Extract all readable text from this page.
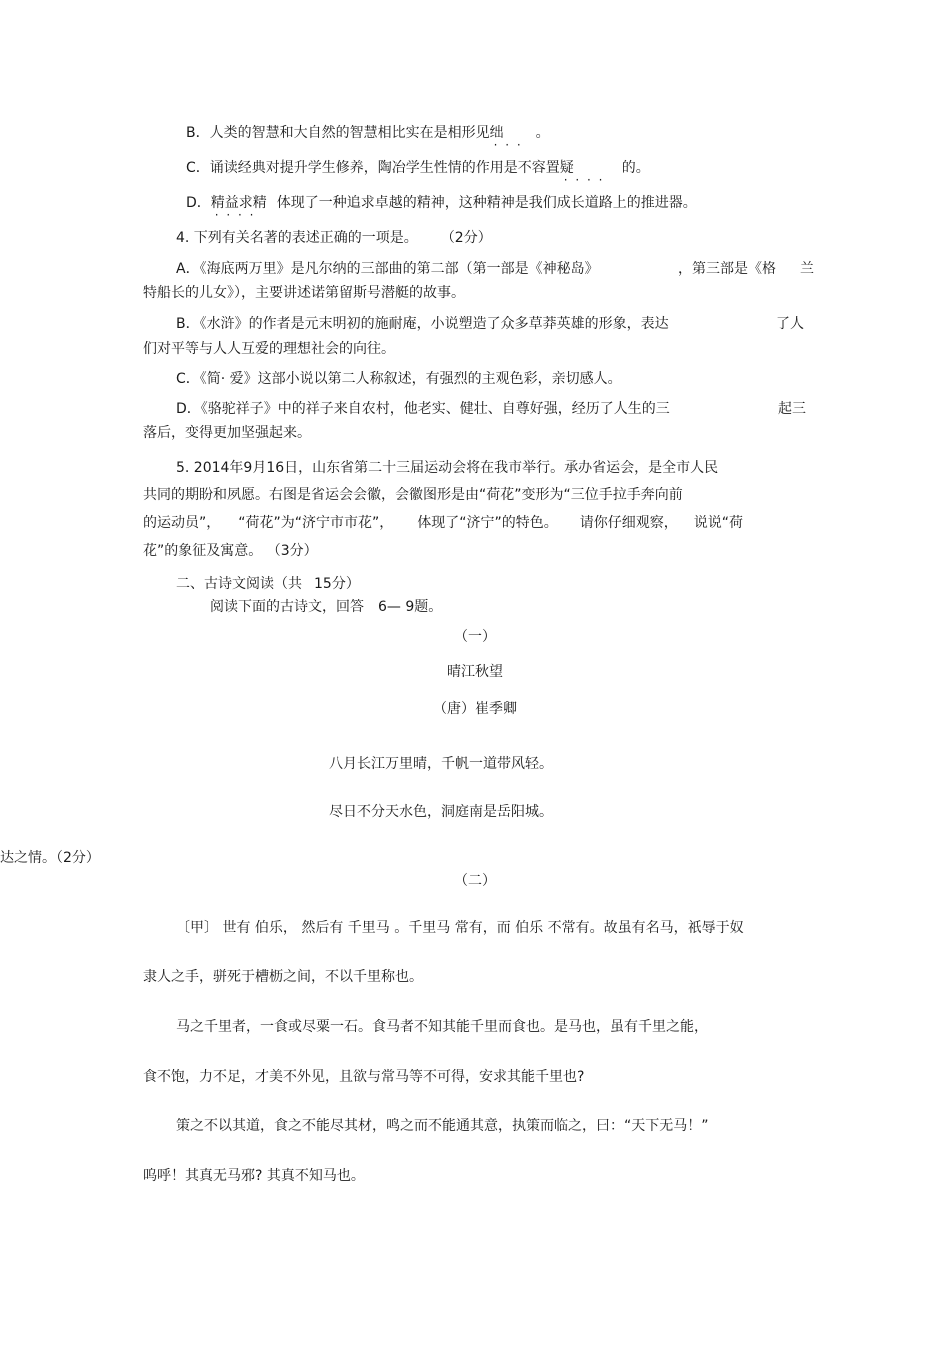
B．人类的智慧和大自然的智慧相比实在是相形见绌 · · · 。
C．诵读经典对提升学生修养，陶冶学生性情的作用是不容置疑 · · · ·	的。
D．精益求精 · · · · 体现了一种追求卓越的精神，这种精神是我们成长道路上的推进器。
4. 下列有关名著的表述正确的一项是。 （2分）
A．《海底两万里》是凡尔纳的三部曲的第二部（第一部是《神秘岛》	，第三部是《格 兰
特船长的儿女》），主要讲述诺第留斯号潜艇的故事。
B．《水浒》的作者是元末明初的施耐庵，小说塑造了众多草莽英雄的形象，表达	了人
们对平等与人人互爱的理想社会的向往。
C．《简· 爱》这部小说以第二人称叙述，有强烈的主观色彩，亲切感人。
D．《骆驼祥子》中的祥子来自农村，他老实、健壮、自尊好强，经历了人生的三	起三
落后，变得更加坚强起来。
5. 2014年9月16日，山东省第二十三届运动会将在我市举行。承办省运会，是全市人民
共同的期盼和夙愿。右图是省运会会徽，会徽图形是由“荷花”变形为“三位手拉手奔向前
的运动员”， “荷花”为“济宁市市花”， 体现了“济宁”的特色。 请你仔细观察， 说说“荷
花”的象征及寓意。 （3分）
二、古诗文阅读（共 15分）
阅读下面的古诗文，回答 6— 9题。
（一）
晴江秋望
（唐）崔季卿
八月长江万里晴，千帆一道带风轻。
尽日不分天水色，洞庭南是岳阳城。
达之情。（2分）
（二）
〔甲〕 世有 伯乐， 然后有 千里马 。千里马 常有，而 伯乐 不常有。故虽有名马，祇辱于奴
隶人之手，骈死于槽枥之间，不以千里称也。
马之千里者，一食或尽粟一石。食马者不知其能千里而食也。是马也，虽有千里之能，
食不饱，力不足，才美不外见，且欲与常马等不可得，安求其能千里也?
策之不以其道，食之不能尽其材，鸣之而不能通其意，执策而临之，曰：“天下无马！”
呜呼！其真无马邪? 其真不知马也。
